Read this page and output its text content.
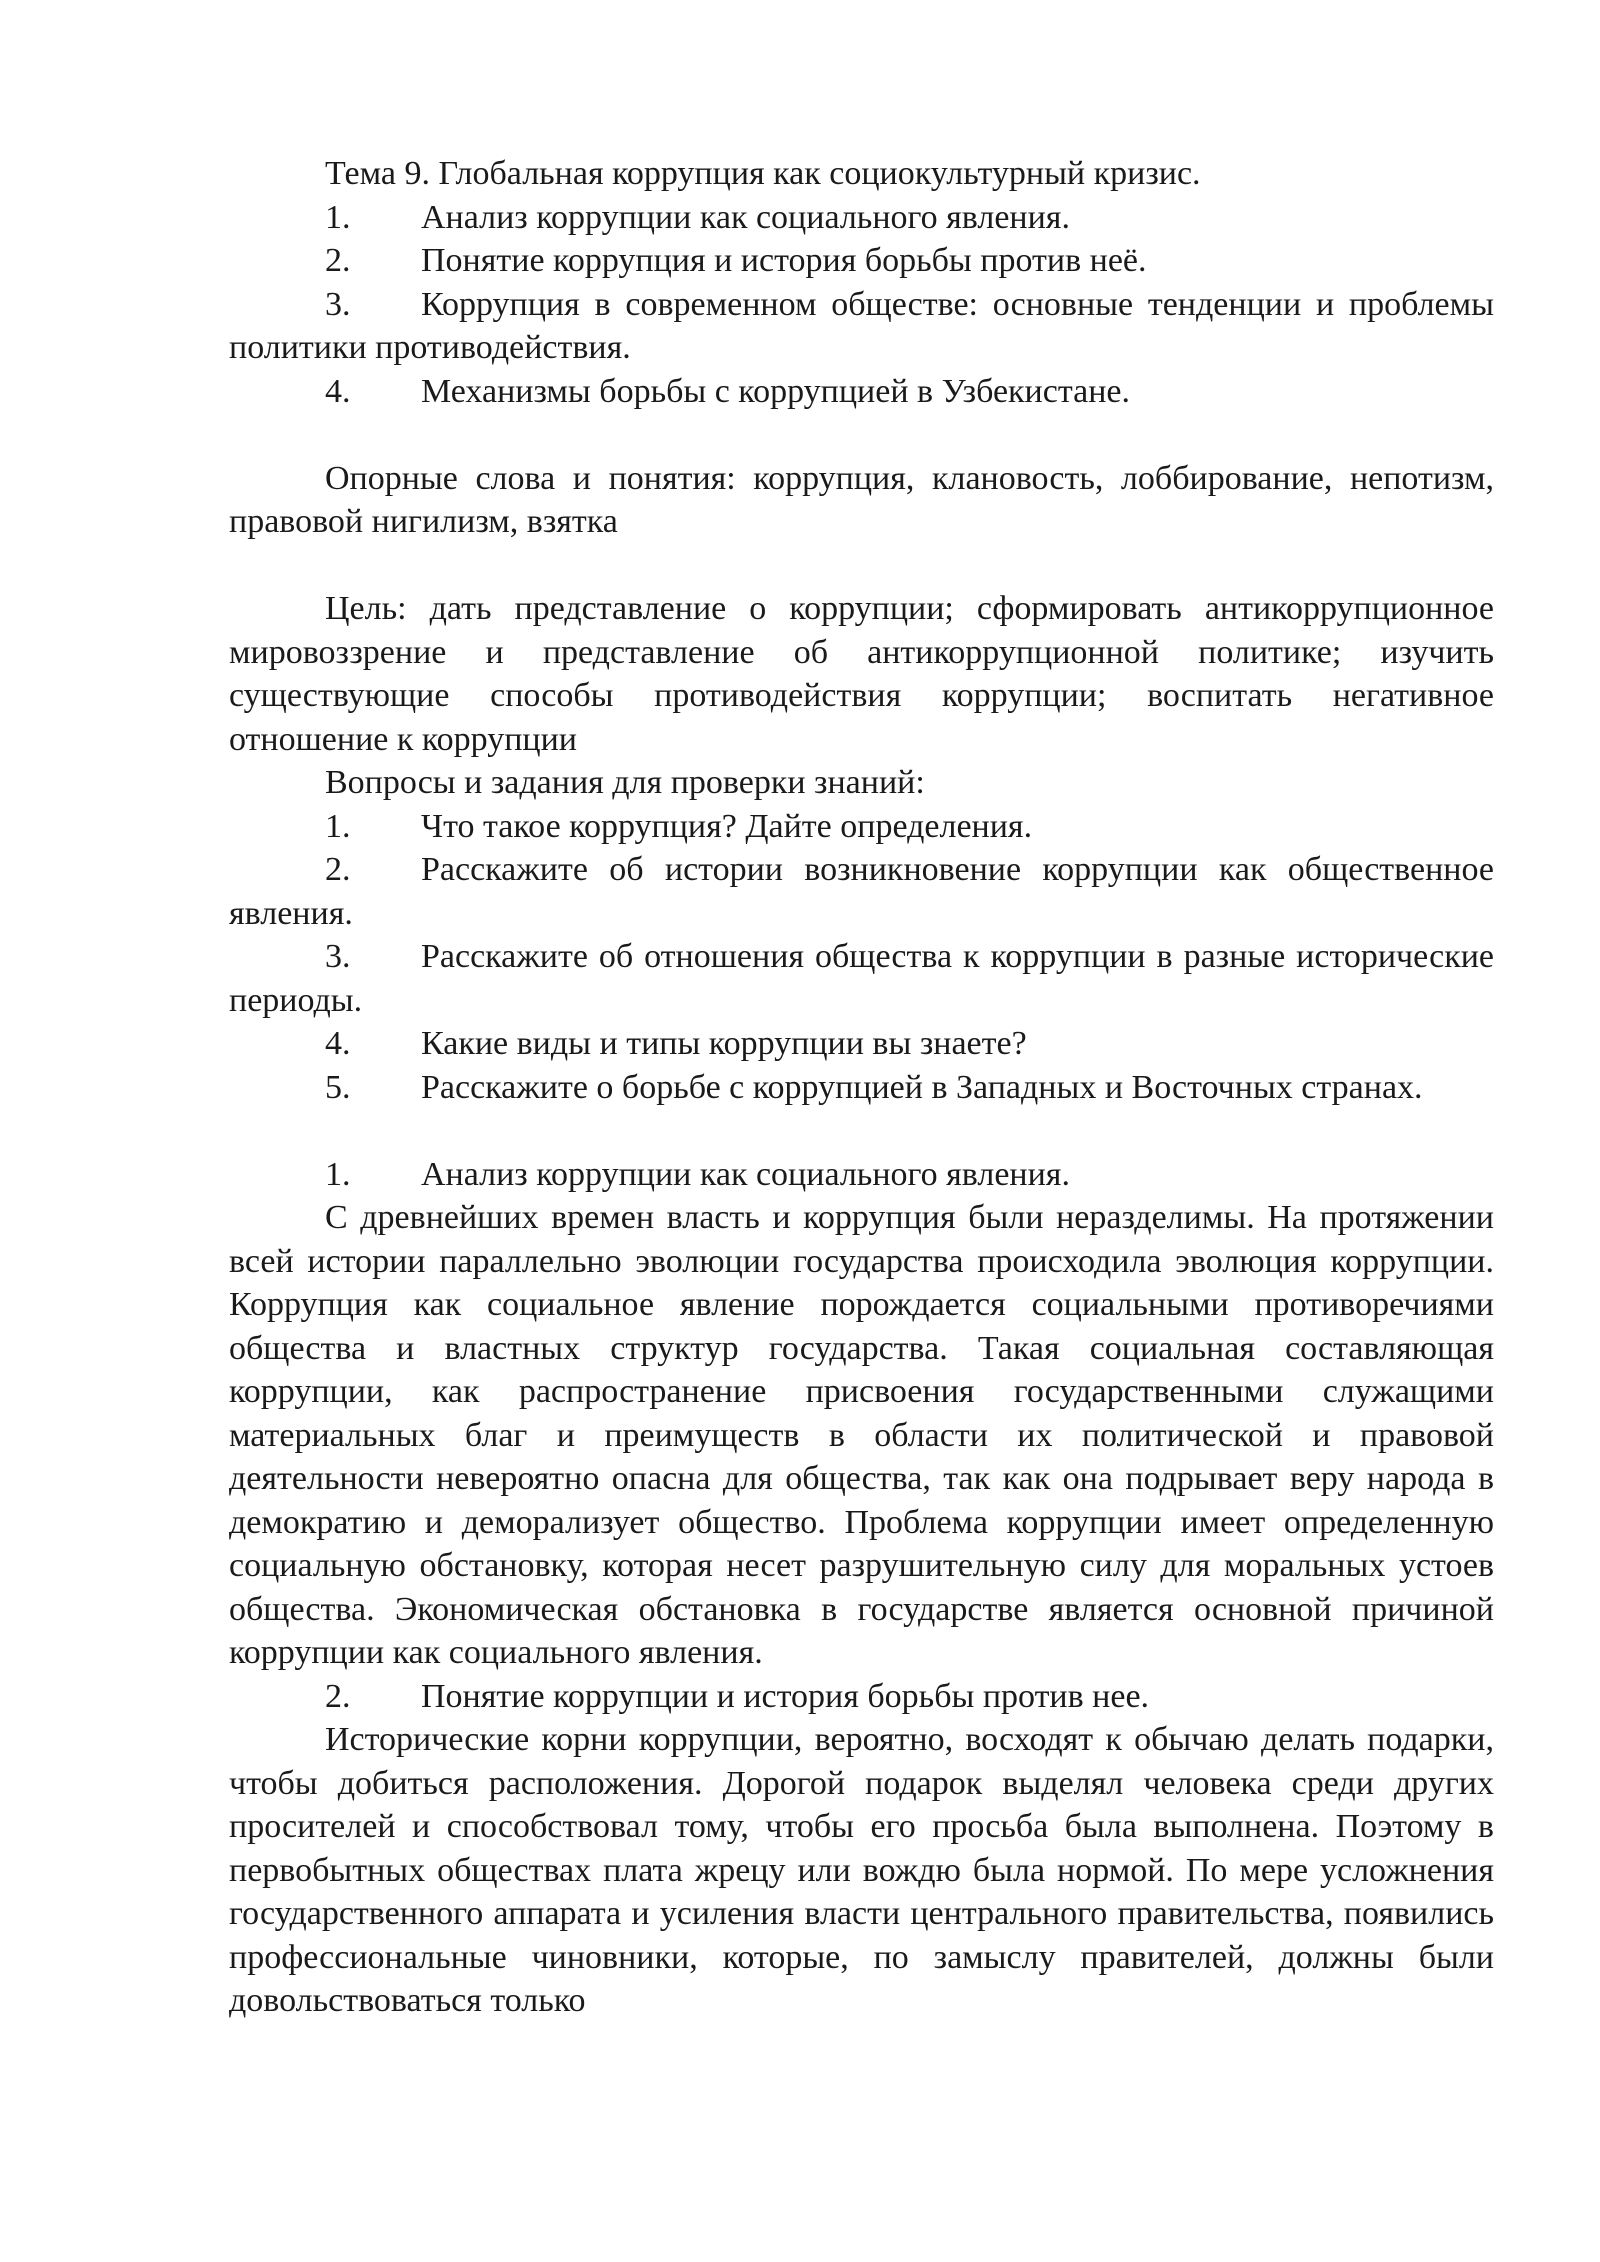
Тема 9. Глобальная коррупция как социокультурный кризис.

1. Анализ коррупции как социального явления.

2. Понятие коррупция и история борьбы против неё.

3. Коррупция в современном обществе: основные тенденции и проблемы политики противодействия.

4. Механизмы борьбы с коррупцией в Узбекистане.

Опорные слова и понятия: коррупция, клановость, лоббирование, непотизм, правовой нигилизм, взятка

Цель: дать представление о коррупции; сформировать антикоррупционное мировоззрение и представление об антикоррупционной политике; изучить существующие способы противодействия коррупции; воспитать негативное отношение к коррупции

Вопросы и задания для проверки знаний:

1. Что такое коррупция? Дайте определения.

2. Расскажите об истории возникновение коррупции как общественное явления.

3. Расскажите об отношения общества к коррупции в разные исторические периоды.

4. Какие виды и типы коррупции вы знаете?

5. Расскажите о борьбе с коррупцией в Западных и Восточных странах.

1. Анализ коррупции как социального явления.

С древнейших времен власть и коррупция были неразделимы. На протяжении всей истории параллельно эволюции государства происходила эволюция коррупции. Коррупция как социальное явление порождается социальными противоречиями общества и властных структур государства. Такая социальная составляющая коррупции, как распространение присвоения государственными служащими материальных благ и преимуществ в области их политической и правовой деятельности невероятно опасна для общества, так как она подрывает веру народа в демократию и деморализует общество. Проблема коррупции имеет определенную социальную обстановку, которая несет разрушительную силу для моральных устоев общества. Экономическая обстановка в государстве является основной причиной коррупции как социального явления.

2. Понятие коррупции и история борьбы против нее.

Исторические корни коррупции, вероятно, восходят к обычаю делать подарки, чтобы добиться расположения. Дорогой подарок выделял человека среди других просителей и способствовал тому, чтобы его просьба была выполнена. Поэтому в первобытных обществах плата жрецу или вождю была нормой. По мере усложнения государственного аппарата и усиления власти центрального правительства, появились профессиональные чиновники, которые, по замыслу правителей, должны были довольствоваться только
